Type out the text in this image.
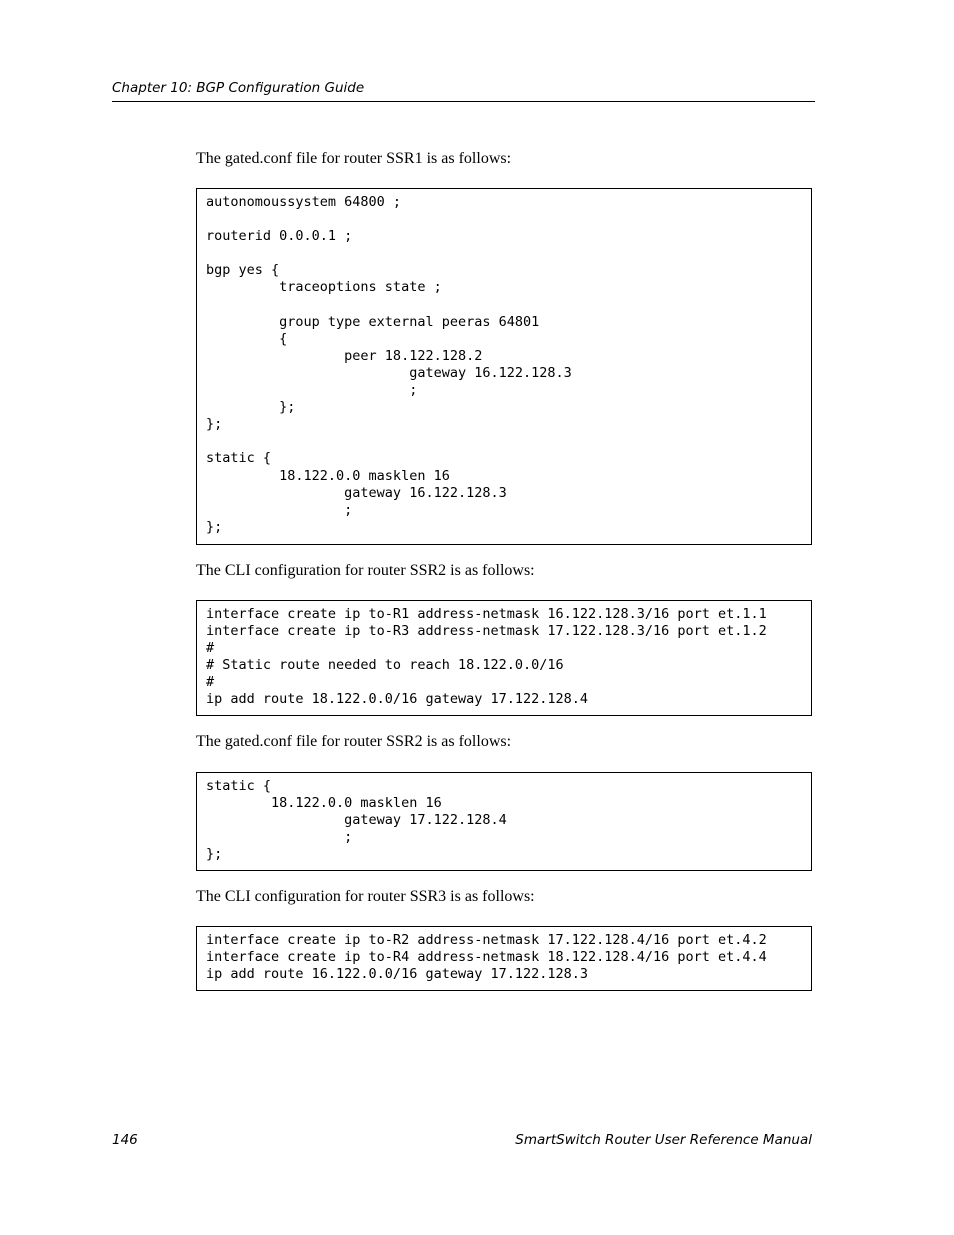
Chapter 10: BGP Configuration Guide
The gated.conf file for router SSR1 is as follows:
autonomoussystem 64800 ;

routerid 0.0.0.1 ;

bgp yes {
traceoptions state ;

group type external peeras 64801
{
peer 18.122.128.2
gateway 16.122.128.3
;
};
};

static {
18.122.0.0 masklen 16
gateway 16.122.128.3
;
};
The CLI configuration for router SSR2 is as follows:
interface create ip to-R1 address-netmask 16.122.128.3/16 port et.1.1
interface create ip to-R3 address-netmask 17.122.128.3/16 port et.1.2
#
# Static route needed to reach 18.122.0.0/16
#
ip add route 18.122.0.0/16 gateway 17.122.128.4
The gated.conf file for router SSR2 is as follows:
static {
18.122.0.0 masklen 16
gateway 17.122.128.4
;
};
The CLI configuration for router SSR3 is as follows:
interface create ip to-R2 address-netmask 17.122.128.4/16 port et.4.2
interface create ip to-R4 address-netmask 18.122.128.4/16 port et.4.4
ip add route 16.122.0.0/16 gateway 17.122.128.3
146	SmartSwitch Router User Reference Manual
